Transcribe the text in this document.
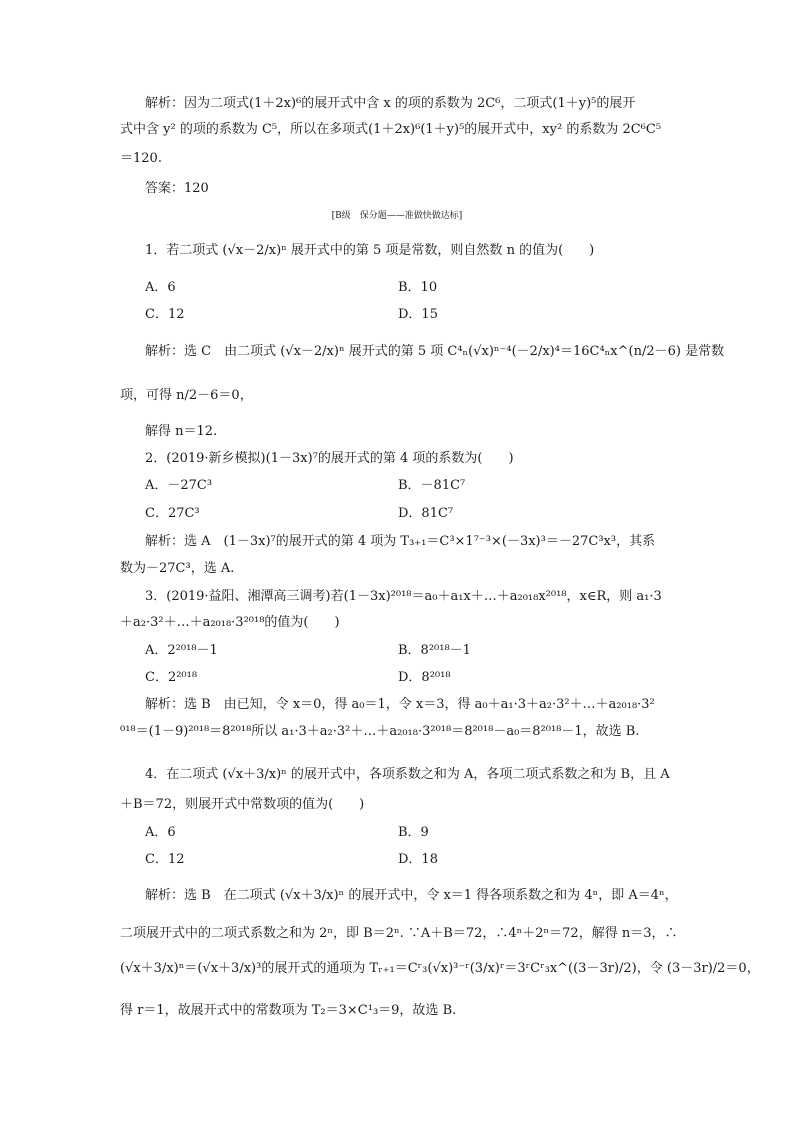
解析：因为二项式(1＋2x)⁶的展开式中含 x 的项的系数为 2C⁶，二项式(1＋y)⁵的展开
式中含 y² 的项的系数为 C⁵，所以在多项式(1＋2x)⁶(1＋y)⁵的展开式中，xy² 的系数为 2C⁶C⁵
＝120.
答案：120
[B级　保分题——准做快做达标]
1．若二项式 (√x－2/x)ⁿ 展开式中的第 5 项是常数，则自然数 n 的值为(　　)
A．6	B．10
C．12	D．15
解析：选 C　由二项式 (√x－2/x)ⁿ 展开式的第 5 项 C⁴ₙ(√x)ⁿ⁻⁴(－2/x)⁴＝16C⁴ₙx^(n/2－6) 是常数
项，可得 n/2－6＝0，
解得 n＝12.
2．(2019·新乡模拟)(1－3x)⁷的展开式的第 4 项的系数为(　　)
A．－27C³	B．－81C⁷
C．27C³	D．81C⁷
解析：选 A　(1－3x)⁷的展开式的第 4 项为 T₃₊₁＝C³×1⁷⁻³×(－3x)³＝－27C³x³，其系
数为－27C³，选 A.
3．(2019·益阳、湘潭高三调考)若(1－3x)²⁰¹⁸＝a₀＋a₁x＋…＋a₂₀₁₈x²⁰¹⁸，x∈R，则 a₁·3
＋a₂·3²＋…＋a₂₀₁₈·3²⁰¹⁸的值为(　　)
A．2²⁰¹⁸－1	B．8²⁰¹⁸－1
C．2²⁰¹⁸	D．8²⁰¹⁸
解析：选 B　由已知，令 x＝0，得 a₀＝1，令 x＝3，得 a₀＋a₁·3＋a₂·3²＋…＋a₂₀₁₈·3²
⁰¹⁸＝(1－9)²⁰¹⁸＝8²⁰¹⁸所以 a₁·3＋a₂·3²＋…＋a₂₀₁₈·3²⁰¹⁸＝8²⁰¹⁸－a₀＝8²⁰¹⁸－1，故选 B.
4．在二项式 (√x＋3/x)ⁿ 的展开式中，各项系数之和为 A，各项二项式系数之和为 B，且 A
＋B＝72，则展开式中常数项的值为(　　)
A．6	B．9
C．12	D．18
解析：选 B　在二项式 (√x＋3/x)ⁿ 的展开式中，令 x＝1 得各项系数之和为 4ⁿ，即 A＝4ⁿ，
二项展开式中的二项式系数之和为 2ⁿ，即 B＝2ⁿ. ∵A＋B＝72，∴4ⁿ＋2ⁿ＝72，解得 n＝3，∴
(√x＋3/x)ⁿ＝(√x＋3/x)³的展开式的通项为 Tᵣ₊₁＝Cʳ₃(√x)³⁻ʳ(3/x)ʳ＝3ʳCʳ₃x^((3－3r)/2)，令 (3－3r)/2＝0，
得 r＝1，故展开式中的常数项为 T₂＝3×C¹₃＝9，故选 B.
